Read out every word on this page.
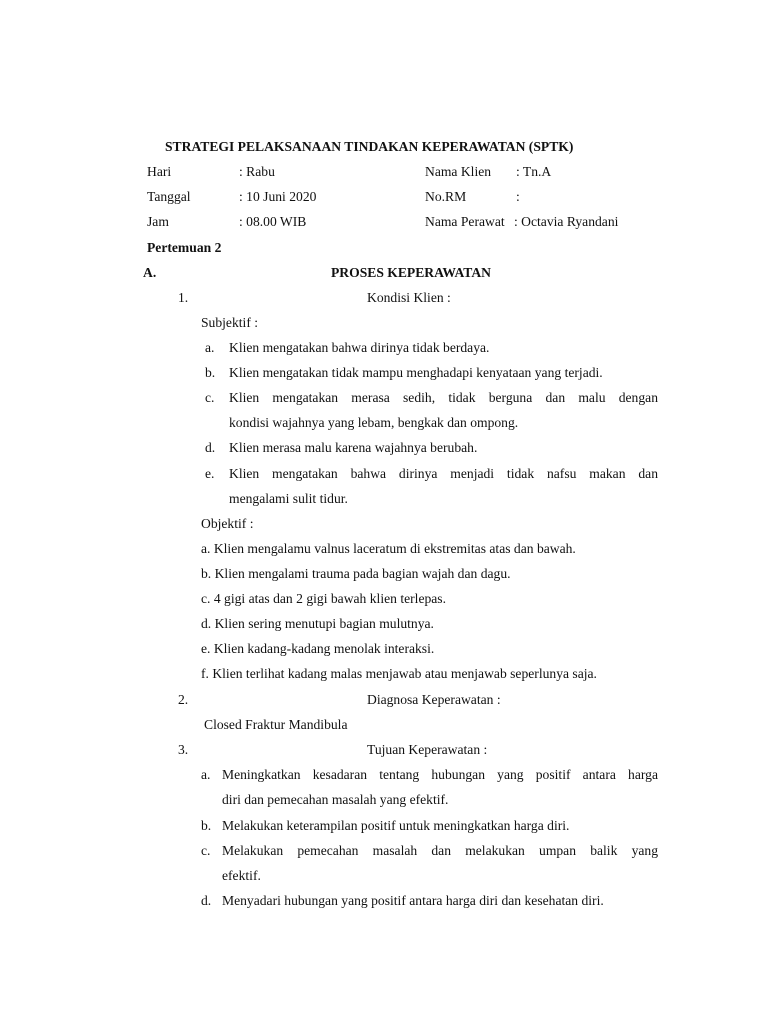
STRATEGI PELAKSANAAN TINDAKAN KEPERAWATAN (SPTK)
Hari	: Rabu
Tanggal	: 10 Juni 2020
Jam	: 08.00 WIB
Nama Klien : Tn.A
No.RM	:
Nama Perawat : Octavia Ryandani
Pertemuan 2
A.	PROSES KEPERAWATAN
1.	Kondisi Klien :
Subjektif :
a. Klien mengatakan bahwa dirinya tidak berdaya.
b. Klien mengatakan tidak mampu menghadapi kenyataan yang terjadi.
c. Klien mengatakan merasa sedih, tidak berguna dan malu dengan
kondisi wajahnya yang lebam, bengkak dan ompong.
d. Klien merasa malu karena wajahnya berubah.
e. Klien mengatakan bahwa dirinya menjadi tidak nafsu makan dan
mengalami sulit tidur.
Objektif :
a. Klien mengalamu valnus laceratum di ekstremitas atas dan bawah.
b. Klien mengalami trauma pada bagian wajah dan dagu.
c. 4 gigi atas dan 2 gigi bawah klien terlepas.
d. Klien sering menutupi bagian mulutnya.
e. Klien kadang-kadang menolak interaksi.
f. Klien terlihat kadang malas menjawab atau menjawab seperlunya saja.
2.	Diagnosa Keperawatan :
Closed Fraktur Mandibula
3.	Tujuan Keperawatan :
a. Meningkatkan kesadaran tentang hubungan yang positif antara harga
diri dan pemecahan masalah yang efektif.
b. Melakukan keterampilan positif untuk meningkatkan harga diri.
c. Melakukan pemecahan masalah dan melakukan umpan balik yang
efektif.
d. Menyadari hubungan yang positif antara harga diri dan kesehatan diri.
